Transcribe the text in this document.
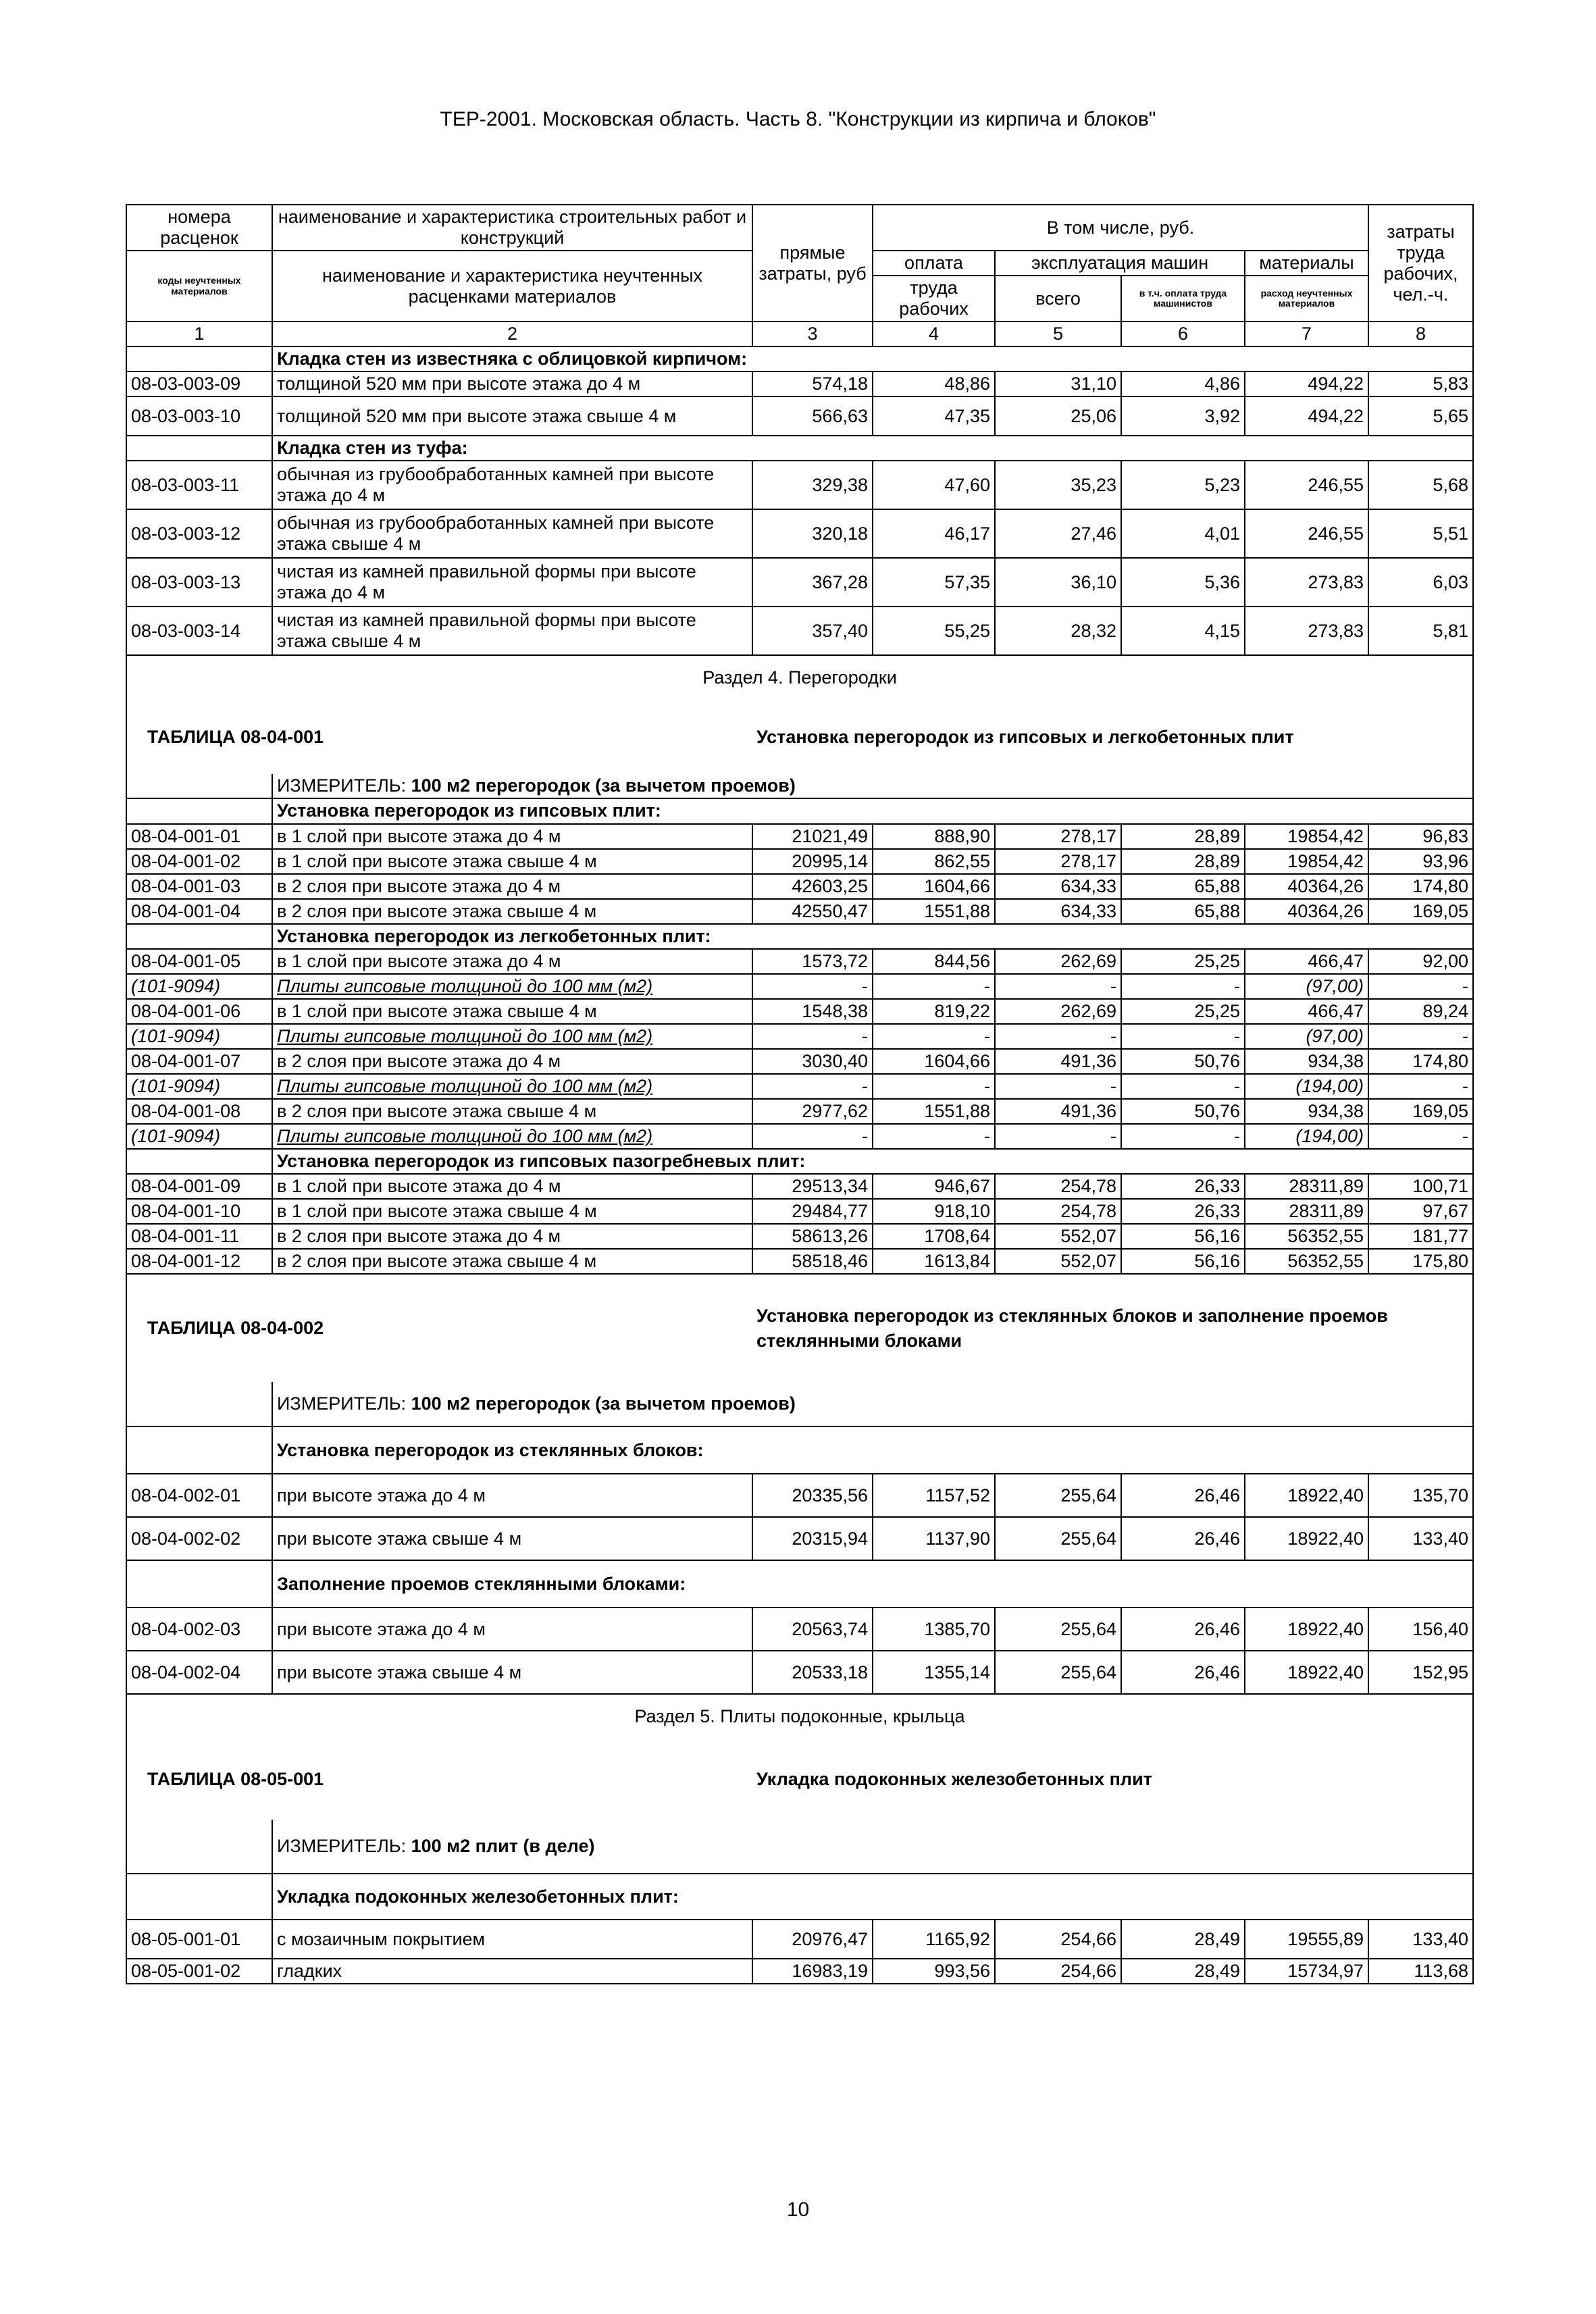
ТЕР-2001. Московская область. Часть 8. "Конструкции из кирпича и блоков"
номера расценок	наименование и характеристика строительных работ и конструкций	прямые затраты, руб	В том числе, руб.				затраты труда рабочих, чел.-ч.
коды неучтенных материалов	наименование и характеристика неучтенных расценками материалов		оплата	эксплуатация машин		материалы	
			труда рабочих	всего	в т.ч. оплата труда машинистов	расход неучтенных материалов	
1	2	3	4	5	6	7	8
	Кладка стен из известняка с облицовкой кирпичом:						
08-03-003-09	толщиной 520 мм при высоте этажа до 4 м	574,18	48,86	31,10	4,86	494,22	5,83
08-03-003-10	толщиной 520 мм при высоте этажа свыше 4 м	566,63	47,35	25,06	3,92	494,22	5,65
	Кладка стен из туфа:						
08-03-003-11	обычная из грубообработанных камней при высоте этажа до 4 м	329,38	47,60	35,23	5,23	246,55	5,68
08-03-003-12	обычная из грубообработанных камней при высоте этажа свыше 4 м	320,18	46,17	27,46	4,01	246,55	5,51
08-03-003-13	чистая из камней правильной формы при высоте этажа до 4 м	367,28	57,35	36,10	5,36	273,83	6,03
08-03-003-14	чистая из камней правильной формы при высоте этажа свыше 4 м	357,40	55,25	28,32	4,15	273,83	5,81
Раздел 4. Перегородки							
ТАБЛИЦА 08-04-001		Установка перегородок из гипсовых и легкобетонных плит					
	ИЗМЕРИТЕЛЬ: 100 м2 перегородок (за вычетом проемов)						
	Установка перегородок из гипсовых плит:						
08-04-001-01	в 1 слой при высоте этажа до 4 м	21021,49	888,90	278,17	28,89	19854,42	96,83
08-04-001-02	в 1 слой при высоте этажа свыше 4 м	20995,14	862,55	278,17	28,89	19854,42	93,96
08-04-001-03	в 2 слоя при высоте этажа до 4 м	42603,25	1604,66	634,33	65,88	40364,26	174,80
08-04-001-04	в 2 слоя при высоте этажа свыше 4 м	42550,47	1551,88	634,33	65,88	40364,26	169,05
	Установка перегородок из легкобетонных плит:						
08-04-001-05	в 1 слой при высоте этажа до 4 м	1573,72	844,56	262,69	25,25	466,47	92,00
(101-9094)	Плиты гипсовые толщиной до 100 мм (м2)	-	-	-	-	(97,00)	-
08-04-001-06	в 1 слой при высоте этажа свыше 4 м	1548,38	819,22	262,69	25,25	466,47	89,24
(101-9094)	Плиты гипсовые толщиной до 100 мм (м2)	-	-	-	-	(97,00)	-
08-04-001-07	в 2 слоя при высоте этажа до 4 м	3030,40	1604,66	491,36	50,76	934,38	174,80
(101-9094)	Плиты гипсовые толщиной до 100 мм (м2)	-	-	-	-	(194,00)	-
08-04-001-08	в 2 слоя при высоте этажа свыше 4 м	2977,62	1551,88	491,36	50,76	934,38	169,05
(101-9094)	Плиты гипсовые толщиной до 100 мм (м2)	-	-	-	-	(194,00)	-
	Установка перегородок из гипсовых пазогребневых плит:						
08-04-001-09	в 1 слой при высоте этажа до 4 м	29513,34	946,67	254,78	26,33	28311,89	100,71
08-04-001-10	в 1 слой при высоте этажа свыше 4 м	29484,77	918,10	254,78	26,33	28311,89	97,67
08-04-001-11	в 2 слоя при высоте этажа до 4 м	58613,26	1708,64	552,07	56,16	56352,55	181,77
08-04-001-12	в 2 слоя при высоте этажа свыше 4 м	58518,46	1613,84	552,07	56,16	56352,55	175,80
ТАБЛИЦА 08-04-002		Установка перегородок из стеклянных блоков и заполнение проемов стеклянными блоками					
	ИЗМЕРИТЕЛЬ: 100 м2 перегородок (за вычетом проемов)						
	Установка перегородок из стеклянных блоков:						
08-04-002-01	при высоте этажа до 4 м	20335,56	1157,52	255,64	26,46	18922,40	135,70
08-04-002-02	при высоте этажа свыше 4 м	20315,94	1137,90	255,64	26,46	18922,40	133,40
	Заполнение проемов стеклянными блоками:						
08-04-002-03	при высоте этажа до 4 м	20563,74	1385,70	255,64	26,46	18922,40	156,40
08-04-002-04	при высоте этажа свыше 4 м	20533,18	1355,14	255,64	26,46	18922,40	152,95
Раздел 5. Плиты подоконные, крыльца							
ТАБЛИЦА 08-05-001		Укладка подоконных железобетонных плит					
	ИЗМЕРИТЕЛЬ: 100 м2 плит (в деле)						
	Укладка подоконных железобетонных плит:						
08-05-001-01	с мозаичным покрытием	20976,47	1165,92	254,66	28,49	19555,89	133,40
08-05-001-02	гладких	16983,19	993,56	254,66	28,49	15734,97	113,68
10
